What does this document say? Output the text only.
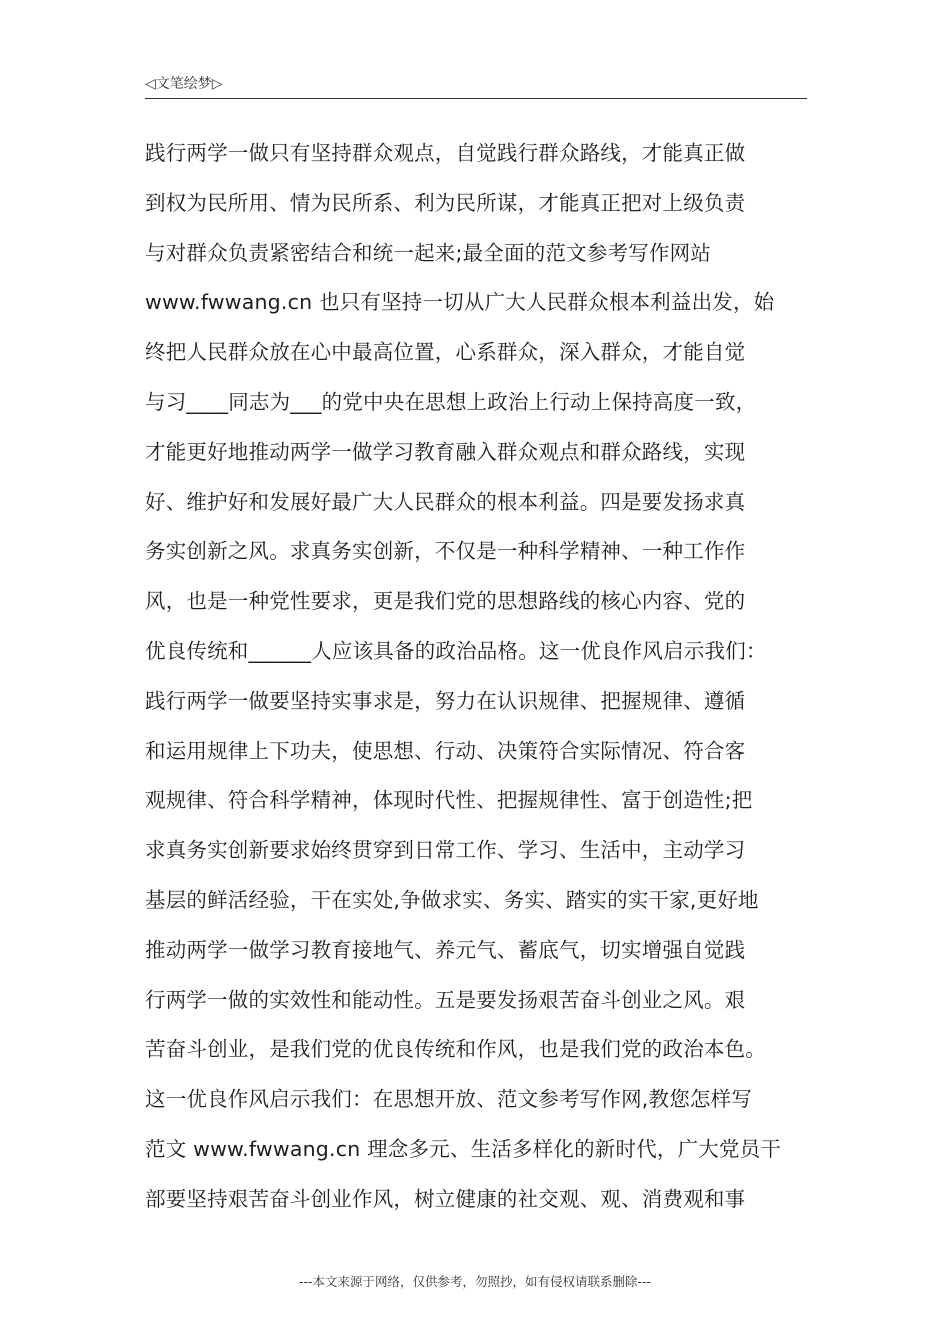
◁文笔绘梦▷
践行两学一做只有坚持群众观点，自觉践行群众路线，才能真正做
到权为民所用、情为民所系、利为民所谋，才能真正把对上级负责
与对群众负责紧密结合和统一起来;最全面的范文参考写作网站
www.fwwang.cn 也只有坚持一切从广大人民群众根本利益出发，始
终把人民群众放在心中最高位置，心系群众，深入群众，才能自觉
与习____同志为___的党中央在思想上政治上行动上保持高度一致，
才能更好地推动两学一做学习教育融入群众观点和群众路线，实现
好、维护好和发展好最广大人民群众的根本利益。四是要发扬求真
务实创新之风。求真务实创新，不仅是一种科学精神、一种工作作
风，也是一种党性要求，更是我们党的思想路线的核心内容、党的
优良传统和______人应该具备的政治品格。这一优良作风启示我们：
践行两学一做要坚持实事求是，努力在认识规律、把握规律、遵循
和运用规律上下功夫，使思想、行动、决策符合实际情况、符合客
观规律、符合科学精神，体现时代性、把握规律性、富于创造性;把
求真务实创新要求始终贯穿到日常工作、学习、生活中，主动学习
基层的鲜活经验，干在实处,争做求实、务实、踏实的实干家,更好地
推动两学一做学习教育接地气、养元气、蓄底气，切实增强自觉践
行两学一做的实效性和能动性。五是要发扬艰苦奋斗创业之风。艰
苦奋斗创业，是我们党的优良传统和作风，也是我们党的政治本色。
这一优良作风启示我们：在思想开放、范文参考写作网,教您怎样写
范文 www.fwwang.cn 理念多元、生活多样化的新时代，广大党员干
部要坚持艰苦奋斗创业作风，树立健康的社交观、观、消费观和事
---本文来源于网络，仅供参考，勿照抄，如有侵权请联系删除---
